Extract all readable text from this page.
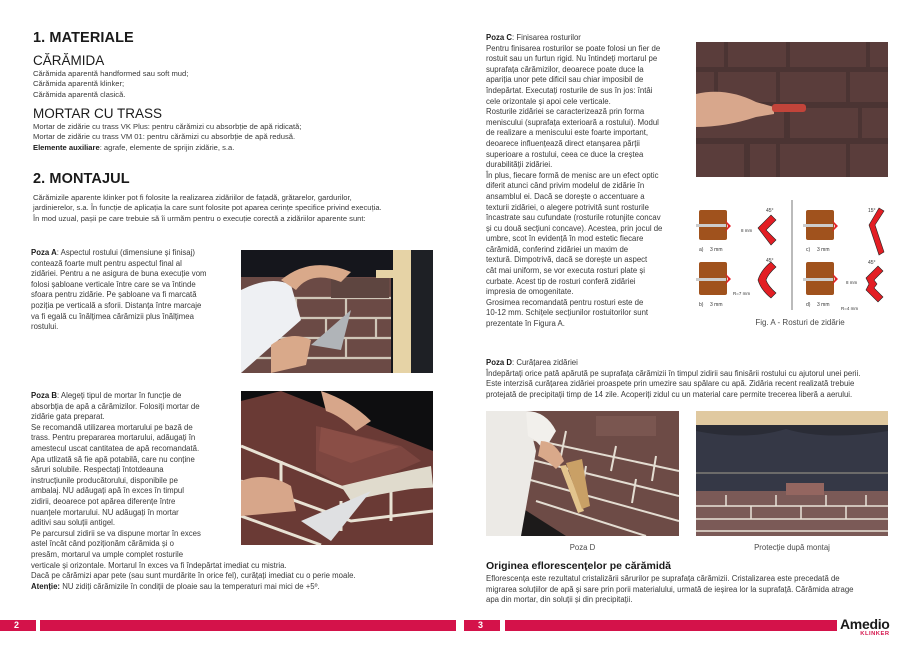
1. MATERIALE
CĂRĂMIDA
Cărămida aparentă handformed sau soft mud;
Cărămida aparentă klinker;
Cărămida aparentă clasică.
MORTAR CU TRASS
Mortar de zidărie cu trass VK Plus: pentru cărămizi cu absorbție de apă ridicată;
Mortar de zidărie cu trass VM 01: pentru cărămizi cu absorbție de apă redusă.
Elemente auxiliare: agrafe, elemente de sprijin zidărie, s.a.
2. MONTAJUL
Cărămizile aparente klinker pot fi folosite la realizarea zidăriilor de fațadă, grătarelor, gardurilor,
jardinierelor, s.a. În funcție de aplicația la care sunt folosite pot aparea cerințe specifice privind execuția.
În mod uzual, pașii pe care trebuie să îi urmăm pentru o execuție corectă a zidăriilor aparente sunt:
Poza A: Aspectul rostului (dimensiune și finisaj)
contează foarte mult pentru aspectul final al
zidăriei. Pentru a ne asigura de buna execuție vom
folosi șabloane verticale între care se va întinde
sfoara pentru zidărie. Pe șabloane va fi marcată
poziția pe verticală a sforii. Distanța între marcaje
va fi egală cu înălțimea cărămizii plus înălțimea
rostului.
Poza B: Alegeți tipul de mortar în funcție de
absorbția de apă a cărămizilor. Folosiți mortar de
zidărie gata preparat.
Se recomandă utilizarea mortarului pe bază de
trass. Pentru prepararea mortarului, adăugați în
amestecul uscat cantitatea de apă recomandată.
Apa utlizată să fie apă potabilă, care nu conține
săruri solubile. Respectați întotdeauna
instrucțiunile producătorului, disponibile pe
ambalaj. NU adăugați apă în exces în timpul
zidirii, deoarece pot apărea diferențe între
nuanțele mortarului. NU adăugați în mortar
aditivi sau soluții antigel.
Pe parcursul zidirii se va dispune mortar în exces
astel încât când poziționăm cărămida și o
presăm, mortarul va umple complet rosturile
verticale și orizontale. Mortarul în exces va fi îndepărtat imediat cu mistria.
Dacă pe cărămizi apar pete (sau sunt murdărite în orice fel), curățați imediat cu o perie moale.
Atenție: NU zidiți cărămizile în condiții de ploaie sau la temperaturi mai mici de +5º.
2
Poza C: Finisarea rosturilor
Pentru finisarea rosturilor se poate folosi un fier de
rostuit sau un furtun rigid. Nu întindeți mortarul pe
suprafața cărămizilor, deoarece poate duce la
apariția unor pete dificil sau chiar imposibil de
îndepărtat. Executați rosturile de sus în jos: întâi
cele orizontale și apoi cele verticale.
Rosturile zidăriei se caracterizează prin forma
meniscului (suprafața exterioară a rostului). Modul
de realizare a meniscului este foarte important,
deoarece influențează direct etanșarea părții
superioare a rostului, ceea ce duce la creștea
durabilității zidăriei.
În plus, fiecare formă de menisc are un efect optic
diferit atunci când privim modelul de zidărie în
ansamblul ei. Dacă se dorește o accentuare a
texturii zidăriei, o alegere potrivită sunt rosturile
încastrate sau cufundate (rosturile rotunjite concav
și cu două secțiuni concave). Acestea, prin jocul de
umbre, scot în evidență în mod estetic fiecare
cărămidă, conferind zidăriei un maxim de
textură. Dimpotrivă, dacă se dorește un aspect
cât mai uniform, se vor executa rosturi plate și
curbate. Acest tip de rosturi conferă zidăriei
impresia de omogenitate.
Grosimea recomandată pentru rosturi este de
10-12 mm. Schițele secțiunilor rostuitorilor sunt
prezentate în Figura A.
a) 3 mm
45°
8 mm
b) 3 mm
45°
R=7 mm
c) 3 mm
15°
d) 3 mm
45°
R=4 mm
8 mm
Fig. A - Rosturi de zidărie
Poza D: Curățarea zidăriei
Îndepărtați orice pată apărută pe suprafața cărămizii în timpul zidirii sau finisării rostului cu ajutorul unei perii.
Este interzisă curățarea zidăriei proaspete prin umezire sau spălare cu apă. Zidăria recent realizată trebuie
protejată de precipitații timp de 14 zile. Acoperiți zidul cu un material care permite trecerea liberă a aerului.
Poza D	Protecție după montaj
Originea eflorescențelor pe cărămidă
Eflorescența este rezultatul cristalizării sărurilor pe suprafața cărămizii. Cristalizarea este precedată de
migrarea soluțiilor de apă și sare prin porii materialului, urmată de ieșirea lor la suprafață. Cărămida atrage
apa din mortar, din soluții și din precipitații.
3	Amedio
KLINKER
